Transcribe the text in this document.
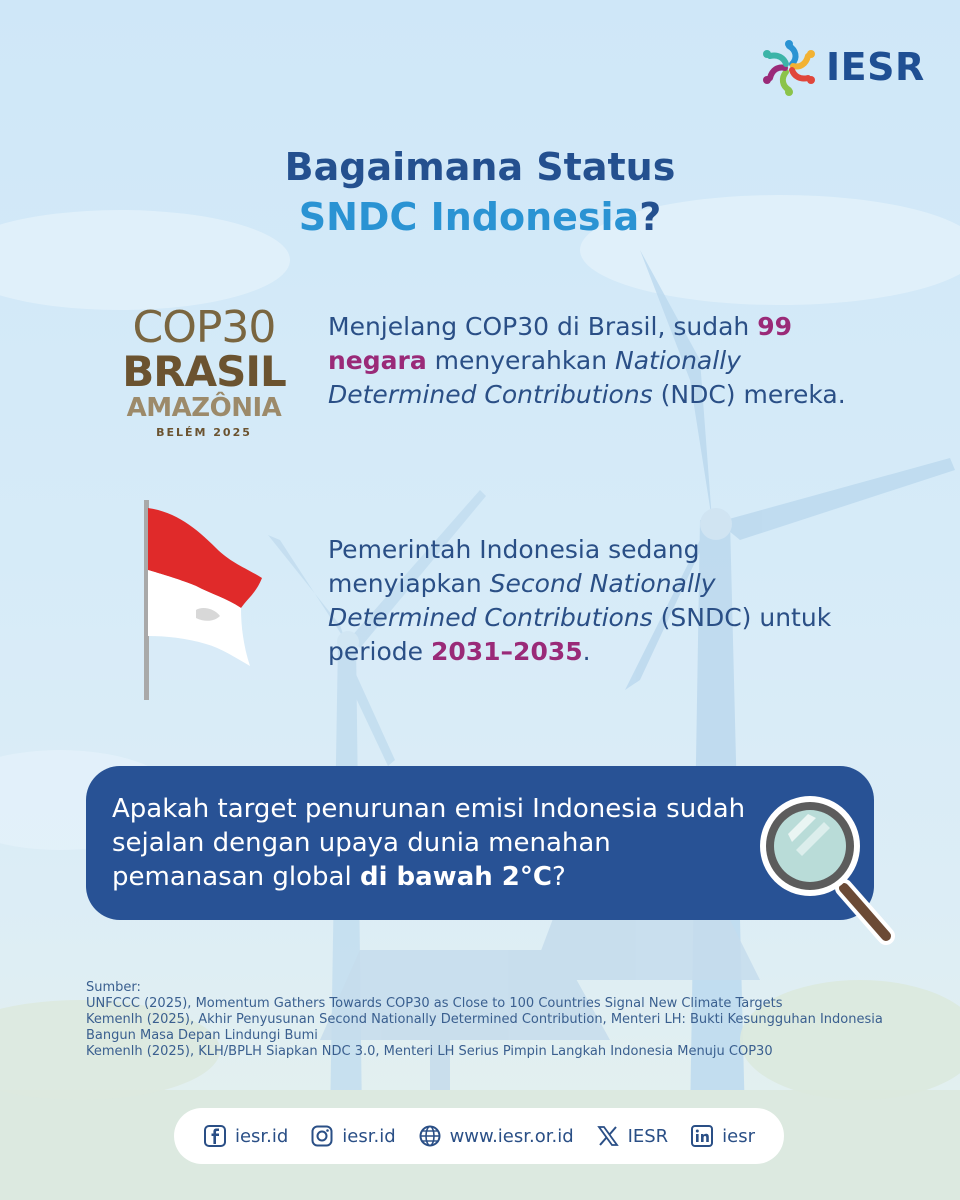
IESR
Bagaimana Status
SNDC Indonesia?
COP30
BRASIL
AMAZÔNIA
BELÉM 2025

Menjelang COP30 di Brasil, sudah 99 negara menyerahkan Nationally Determined Contributions (NDC) mereka.

Pemerintah Indonesia sedang menyiapkan Second Nationally Determined Contributions (SNDC) untuk periode 2031–2035.

Apakah target penurunan emisi Indonesia sudah sejalan dengan upaya dunia menahan pemanasan global di bawah 2°C?

Sumber:
UNFCCC (2025), Momentum Gathers Towards COP30 as Close to 100 Countries Signal New Climate Targets
Kemenlh (2025), Akhir Penyusunan Second Nationally Determined Contribution, Menteri LH: Bukti Kesungguhan Indonesia Bangun Masa Depan Lindungi Bumi
Kemenlh (2025), KLH/BPLH Siapkan NDC 3.0, Menteri LH Serius Pimpin Langkah Indonesia Menuju COP30
iesr.id	iesr.id	www.iesr.or.id	IESR	iesr
